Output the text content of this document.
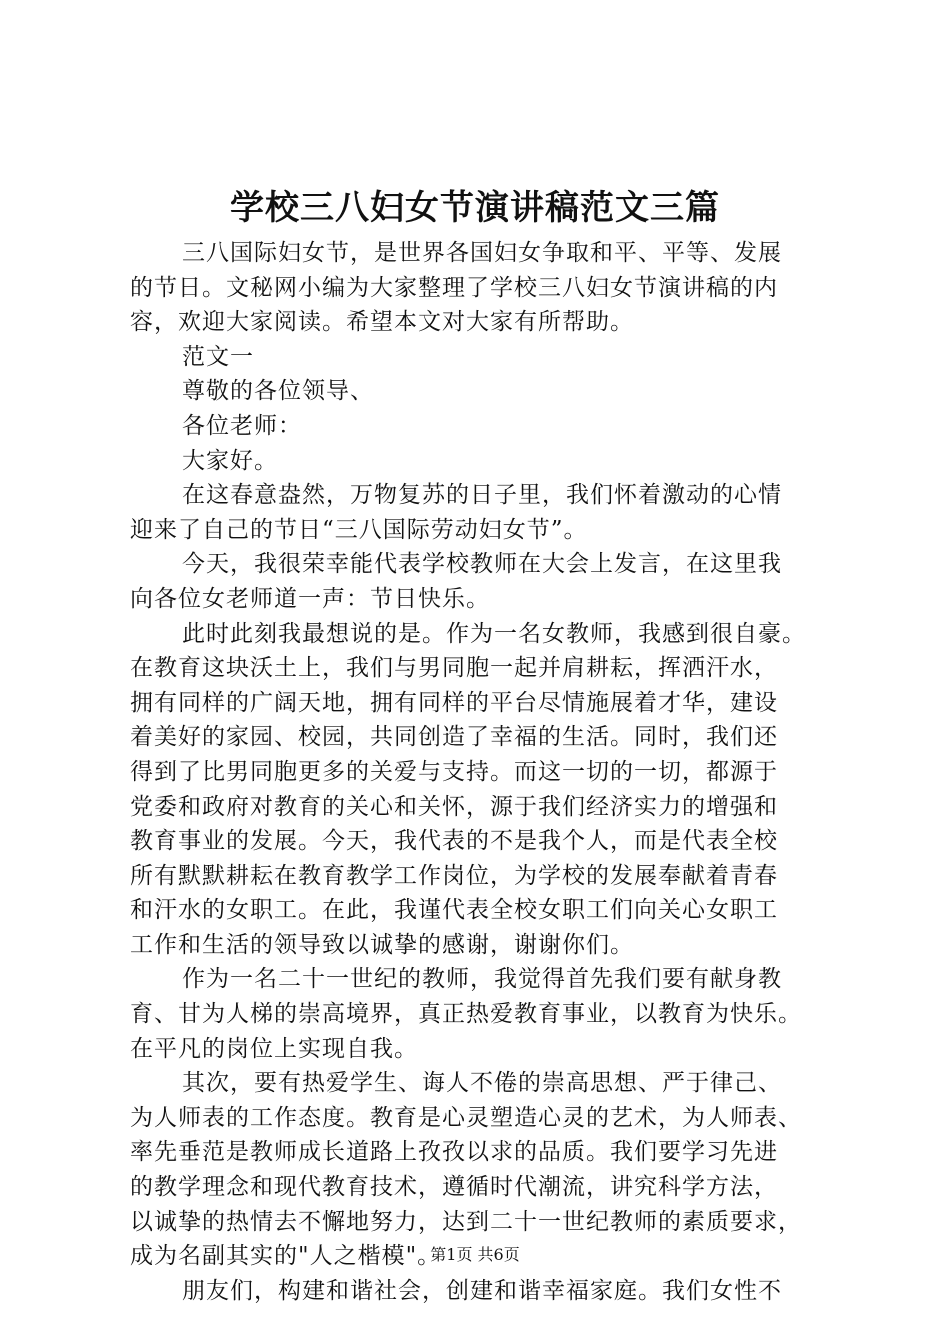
学校三八妇女节演讲稿范文三篇
三八国际妇女节，是世界各国妇女争取和平、平等、发展
的节日。文秘网小编为大家整理了学校三八妇女节演讲稿的内
容，欢迎大家阅读。希望本文对大家有所帮助。
范文一
尊敬的各位领导、
各位老师：
大家好。
在这春意盎然，万物复苏的日子里，我们怀着激动的心情
迎来了自己的节日“三八国际劳动妇女节”。
今天，我很荣幸能代表学校教师在大会上发言，在这里我
向各位女老师道一声：节日快乐。
此时此刻我最想说的是。作为一名女教师，我感到很自豪。
在教育这块沃土上，我们与男同胞一起并肩耕耘，挥洒汗水，
拥有同样的广阔天地，拥有同样的平台尽情施展着才华，建设
着美好的家园、校园，共同创造了幸福的生活。同时，我们还
得到了比男同胞更多的关爱与支持。而这一切的一切，都源于
党委和政府对教育的关心和关怀，源于我们经济实力的增强和
教育事业的发展。今天，我代表的不是我个人，而是代表全校
所有默默耕耘在教育教学工作岗位，为学校的发展奉献着青春
和汗水的女职工。在此，我谨代表全校女职工们向关心女职工
工作和生活的领导致以诚挚的感谢，谢谢你们。
作为一名二十一世纪的教师，我觉得首先我们要有献身教
育、甘为人梯的崇高境界，真正热爱教育事业，以教育为快乐。
在平凡的岗位上实现自我。
其次，要有热爱学生、诲人不倦的崇高思想、严于律己、
为人师表的工作态度。教育是心灵塑造心灵的艺术，为人师表、
率先垂范是教师成长道路上孜孜以求的品质。我们要学习先进
的教学理念和现代教育技术，遵循时代潮流，讲究科学方法，
以诚挚的热情去不懈地努力，达到二十一世纪教师的素质要求，
成为名副其实的"人之楷模"。
朋友们，构建和谐社会，创建和谐幸福家庭。我们女性不
第1页 共6页
